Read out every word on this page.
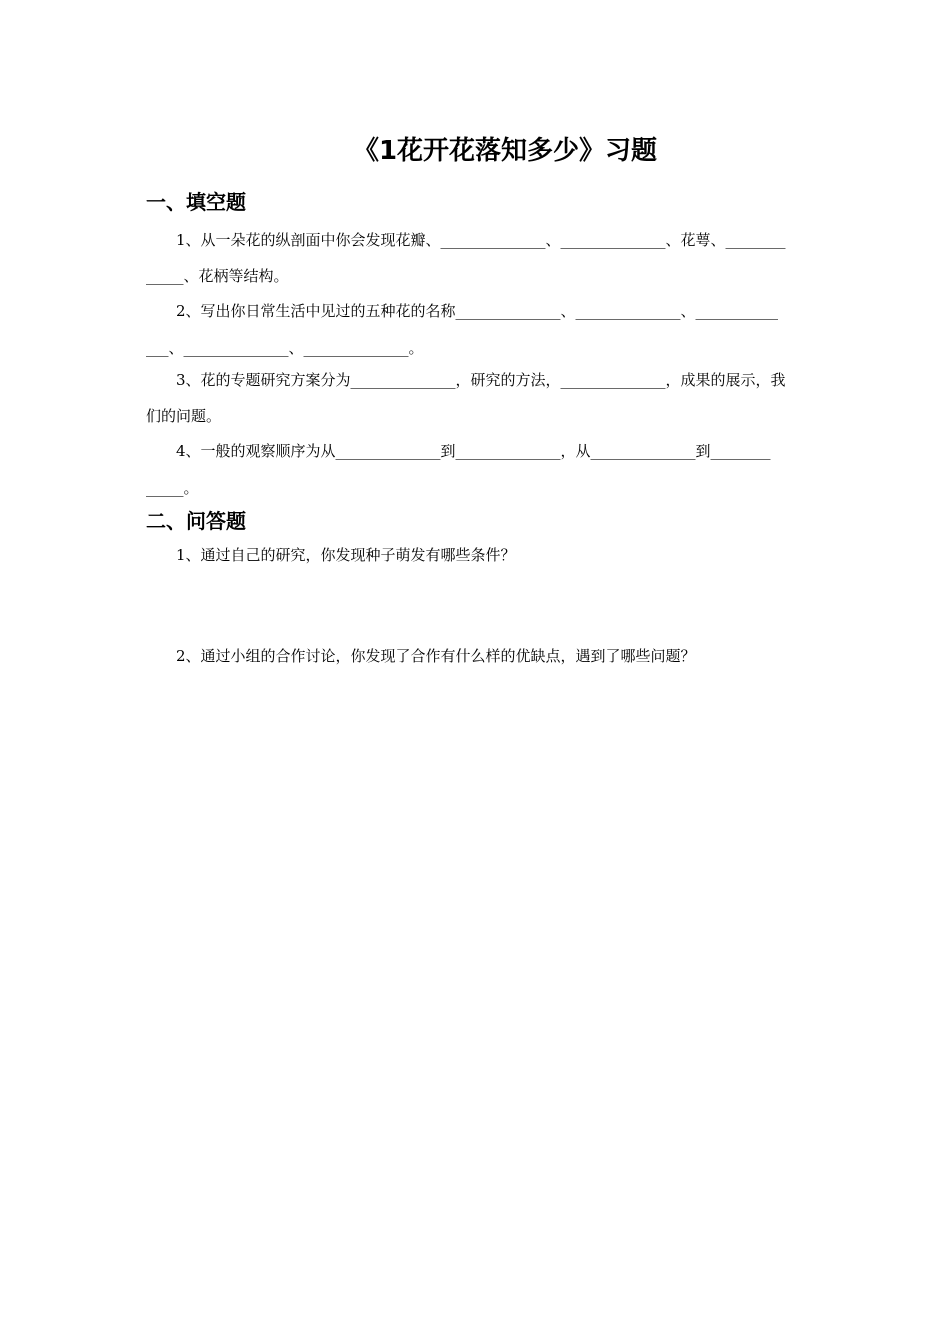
《1花开花落知多少》习题
一、填空题

1、从一朵花的纵剖面中你会发现花瓣、______________、______________、花萼、________

_____、花柄等结构。

2、写出你日常生活中见过的五种花的名称______________、______________、___________

___、______________、______________。

3、花的专题研究方案分为______________，研究的方法，______________，成果的展示，我

们的问题。

4、一般的观察顺序为从______________到______________，从______________到________

_____。

二、问答题

1、通过自己的研究，你发现种子萌发有哪些条件？

2、通过小组的合作讨论，你发现了合作有什么样的优缺点，遇到了哪些问题？
